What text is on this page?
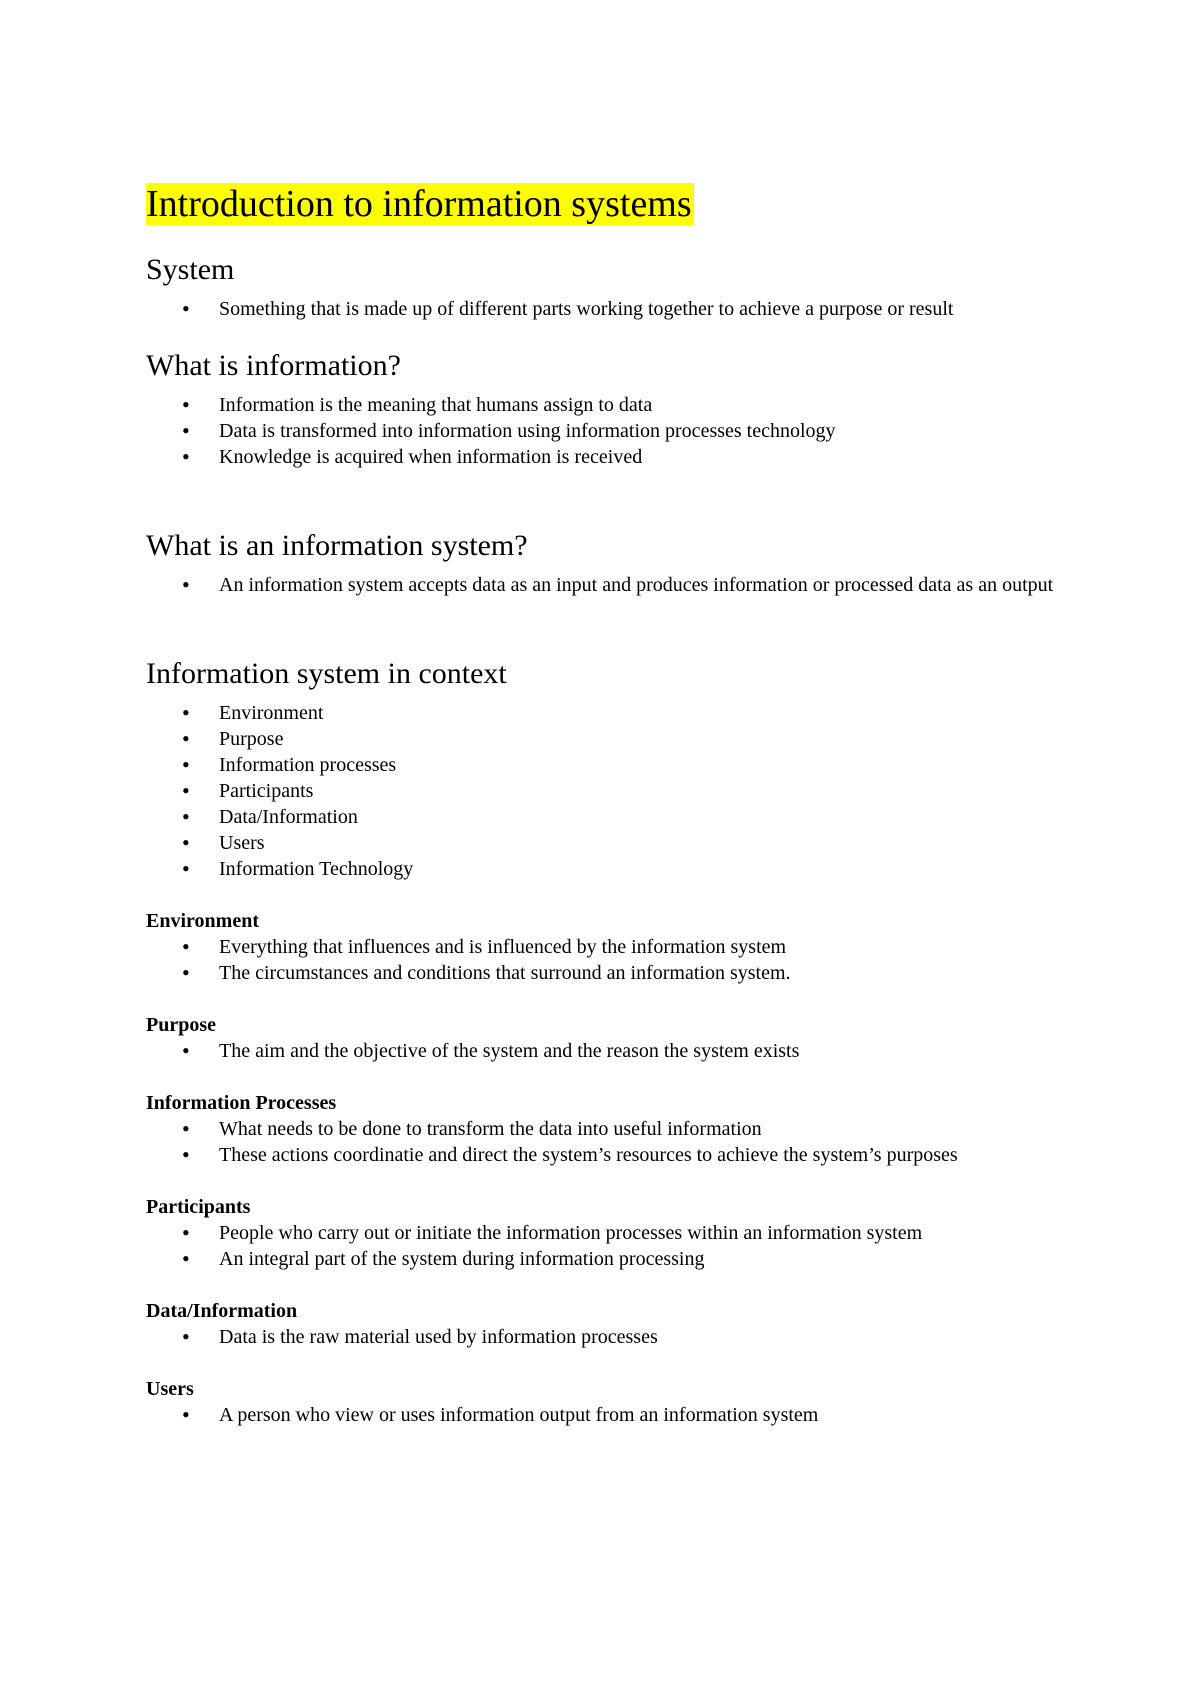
Introduction to information systems
System
• Something that is made up of different parts working together to achieve a purpose or result
What is information?
• Information is the meaning that humans assign to data
• Data is transformed into information using information processes technology
• Knowledge is acquired when information is received
What is an information system?
• An information system accepts data as an input and produces information or processed data as an output
Information system in context
• Environment
• Purpose
• Information processes
• Participants
• Data/Information
• Users
• Information Technology

Environment

• Everything that influences and is influenced by the information system
• The circumstances and conditions that surround an information system.

Purpose

• The aim and the objective of the system and the reason the system exists

Information Processes

• What needs to be done to transform the data into useful information
• These actions coordinatie and direct the system’s resources to achieve the system’s purposes

Participants

• People who carry out or initiate the information processes within an information system
• An integral part of the system during information processing

Data/Information

• Data is the raw material used by information processes

Users

• A person who view or uses information output from an information system
